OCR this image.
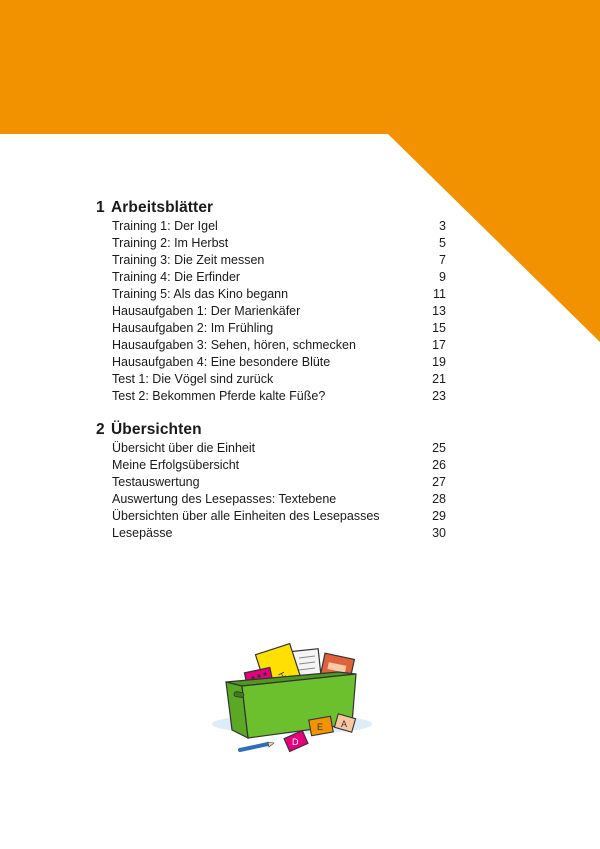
1 Arbeitsblätter
Training 1: Der Igel	3
Training 2: Im Herbst	5
Training 3: Die Zeit messen	7
Training 4: Die Erfinder	9
Training 5: Als das Kino begann	11
Hausaufgaben 1: Der Marienkäfer	13
Hausaufgaben 2: Im Frühling	15
Hausaufgaben 3: Sehen, hören, schmecken	17
Hausaufgaben 4: Eine besondere Blüte	19
Test 1: Die Vögel sind zurück	21
Test 2: Bekommen Pferde kalte Füße?	23
2 Übersichten
Übersicht über die Einheit	25
Meine Erfolgsübersicht	26
Testauswertung	27
Auswertung des Lesepasses: Textebene	28
Übersichten über alle Einheiten des Lesepasses	29
Lesepässe	30
E A
D
